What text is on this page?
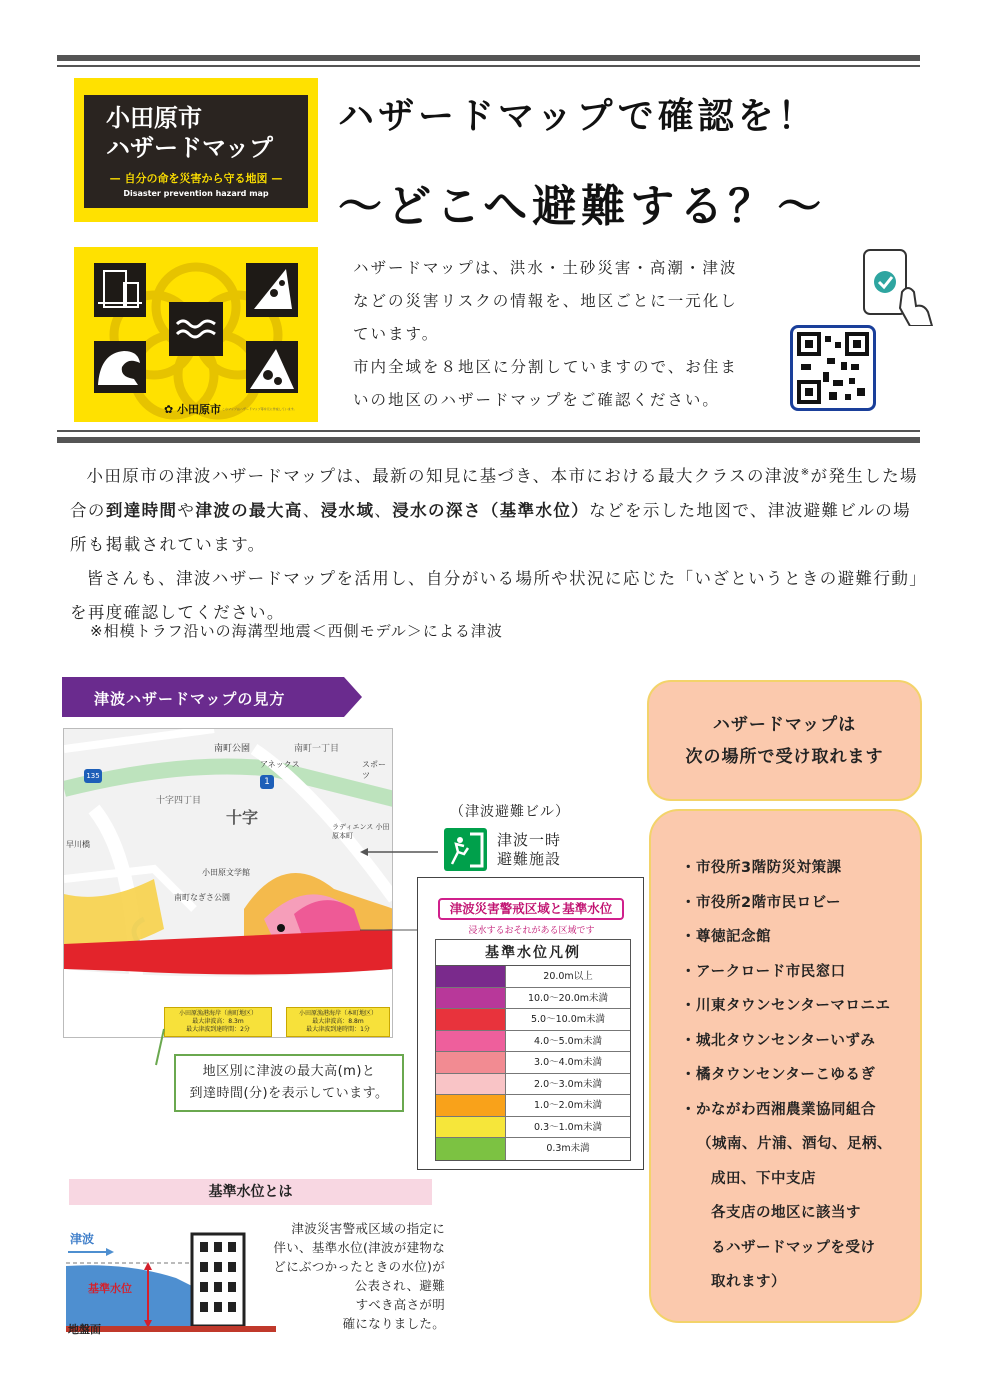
小田原市
ハザードマップ
— 自分の命を災害から守る地図 —
Disaster prevention hazard map
✿ 小田原市 このマップはハザードマップ等を元に作成しています。
ハザードマップで確認を！
～どこへ避難する？～
ハザードマップは、洪水・土砂災害・高潮・津波
などの災害リスクの情報を、地区ごとに一元化し
ています。
市内全域を８地区に分割していますので、お住ま
いの地区のハザードマップをご確認ください。

小田原市の津波ハザードマップは、最新の知見に基づき、本市における最大クラスの津波※が発生した場合の到達時間や津波の最大高、浸水域、浸水の深さ（基準水位）などを示した地図で、津波避難ビルの場所も掲載されています。

皆さんも、津波ハザードマップを活用し、自分がいる場所や状況に応じた「いざというときの避難行動」を再度確認してください。

※相模トラフ沿いの海溝型地震＜西側モデル＞による津波
津波ハザードマップの見方
十字
十字四丁目
南町公園	南町一丁目
アネックス	スポーツ
小田原文学館
南町なぎさ公園
早川橋
ラディエンス 小田原本町
1
135
小田原漁港海岸（南町地区）
最大津波高：8.3m
最大津波到達時間：2分
小田原漁港海岸（本町地区）
最大津波高：8.8m
最大津波到達時間：1分
地区別に津波の最大高(m)と
到達時間(分)を表示しています。
（津波避難ビル）
津波一時
避難施設
津波災害警戒区域と基準水位
浸水するおそれがある区域です
基準水位凡例
20.0m以上
10.0～20.0m未満
5.0～10.0m未満
4.0～5.0m未満
3.0～4.0m未満
2.0～3.0m未満
1.0～2.0m未満
0.3～1.0m未満
0.3m未満
基準水位とは
津波
基準水位
地盤面
津波災害警戒区域の指定に
伴い、基準水位(津波が建物な
どにぶつかったときの水位)が
公表され、避難
すべき高さが明
確になりました。
ハザードマップは
次の場所で受け取れます
・市役所3階防災対策課
・市役所2階市民ロビー
・尊徳記念館
・アークロード市民窓口
・川東タウンセンターマロニエ
・城北タウンセンターいずみ
・橘タウンセンターこゆるぎ
・かながわ西湘農業協同組合
（城南、片浦、酒匂、足柄、
成田、下中支店
各支店の地区に該当す
るハザードマップを受け
取れます）
